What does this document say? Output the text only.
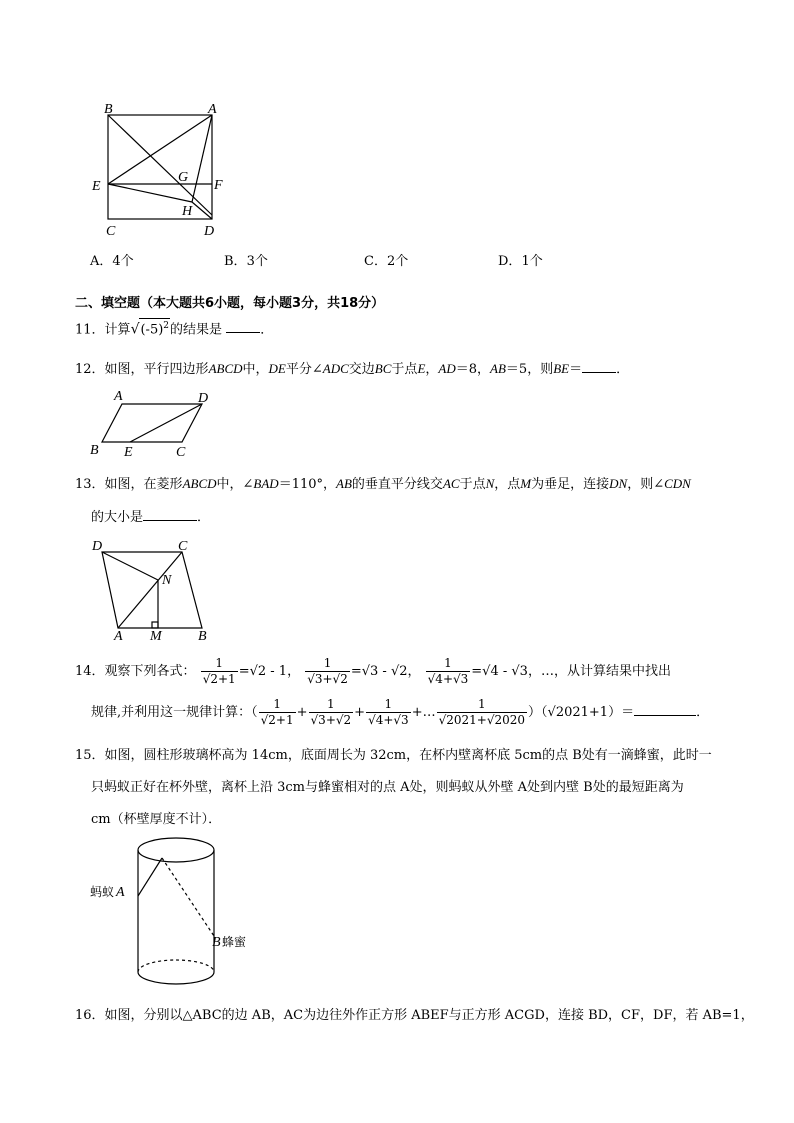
B	A
E
G
F
H
C	D
A．4个	B．3个	C．2个	D．1个
二、填空题（本大题共6小题，每小题3分，共18分）
11．计算$√(-5)^2$的结果是	．
12．如图，平行四边形ABCD中，DE平分∠ADC交边BC于点E，AD＝8，AB＝5，则BE＝	．
A	D
B E	C
13．如图，在菱形ABCD中，∠BAD＝110°，AB的垂直平分线交AC于点N，点M为垂足，连接DN，则∠CDN
的大小是	．
D	C
N
A M	B
14．观察下列各式： $\frac{1}{√2+1} =√2 - 1$， $\frac{1}{√3+√2} =√3 - √2$， $\frac{1}{√4+√3} =√4 - √3$，…，从计算结果中找出
规律,并利用这一规律计算：（ $\frac{1}{√2+1} + \frac{1}{√3+√2} + \frac{1}{√4+√3}$ +… $\frac{1}{√2021+√2020} )(√2021+1)=$	．
15．如图，圆柱形玻璃杯高为 14cm，底面周长为 32cm，在杯内壁离杯底 5cm的点 B处有一滴蜂蜜，此时一
只蚂蚁正好在杯外壁，离杯上沿 3cm与蜂蜜相对的点 A处，则蚂蚁从外壁 A处到内壁 B处的最短距离为
cm（杯壁厚度不计）．
蚂蚁 A
B 蜂蜜
16．如图，分别以△ABC的边 AB，AC为边往外作正方形 ABEF与正方形 ACGD，连接 BD，CF，DF，若 AB=1，
